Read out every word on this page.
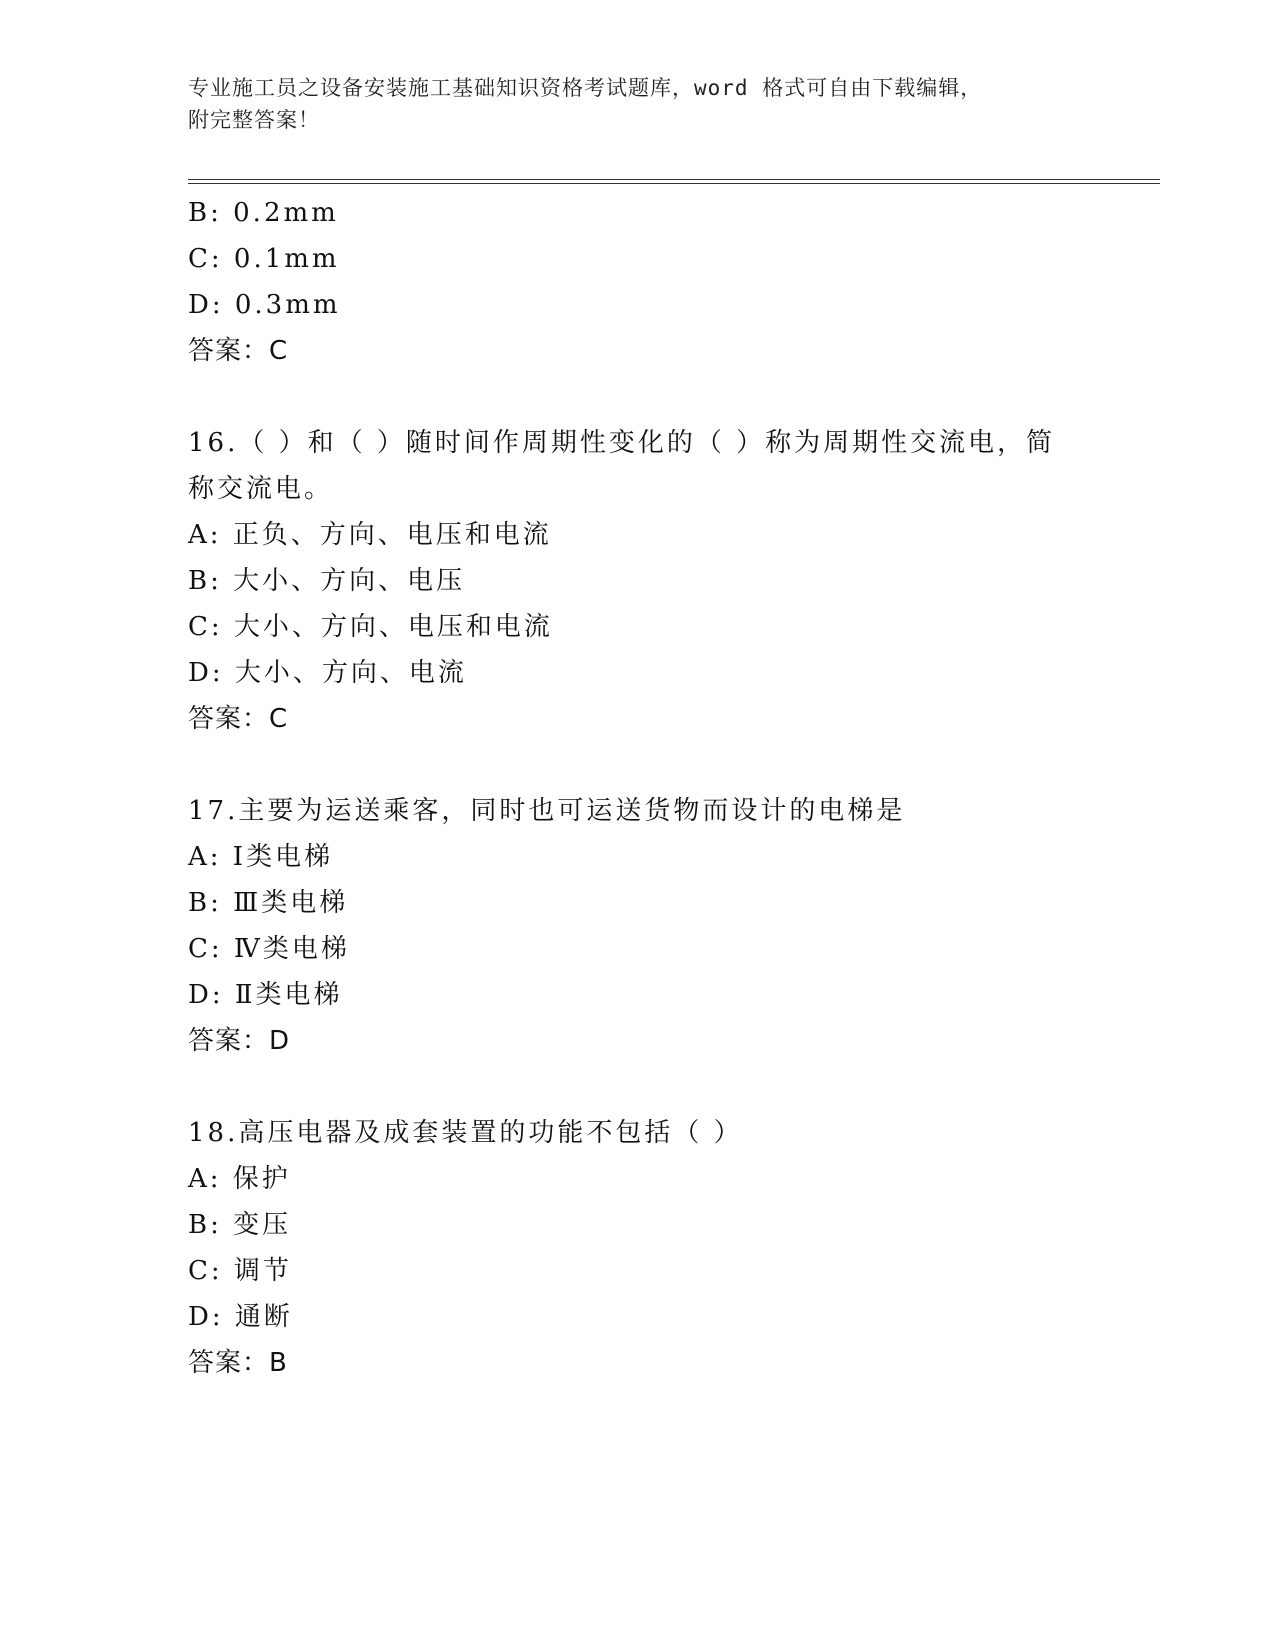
专业施工员之设备安装施工基础知识资格考试题库，word 格式可自由下载编辑，
附完整答案！
B: 0.2mm
C: 0.1mm
D: 0.3mm
答案：C
16.（ ）和（ ）随时间作周期性变化的（ ）称为周期性交流电，简
称交流电。
A: 正负、方向、电压和电流
B: 大小、方向、电压
C: 大小、方向、电压和电流
D: 大小、方向、电流
答案：C
17.主要为运送乘客，同时也可运送货物而设计的电梯是
A: Ⅰ类电梯
B: Ⅲ类电梯
C: Ⅳ类电梯
D: Ⅱ类电梯
答案：D
18.高压电器及成套装置的功能不包括（ ）
A: 保护
B: 变压
C: 调节
D: 通断
答案：B
